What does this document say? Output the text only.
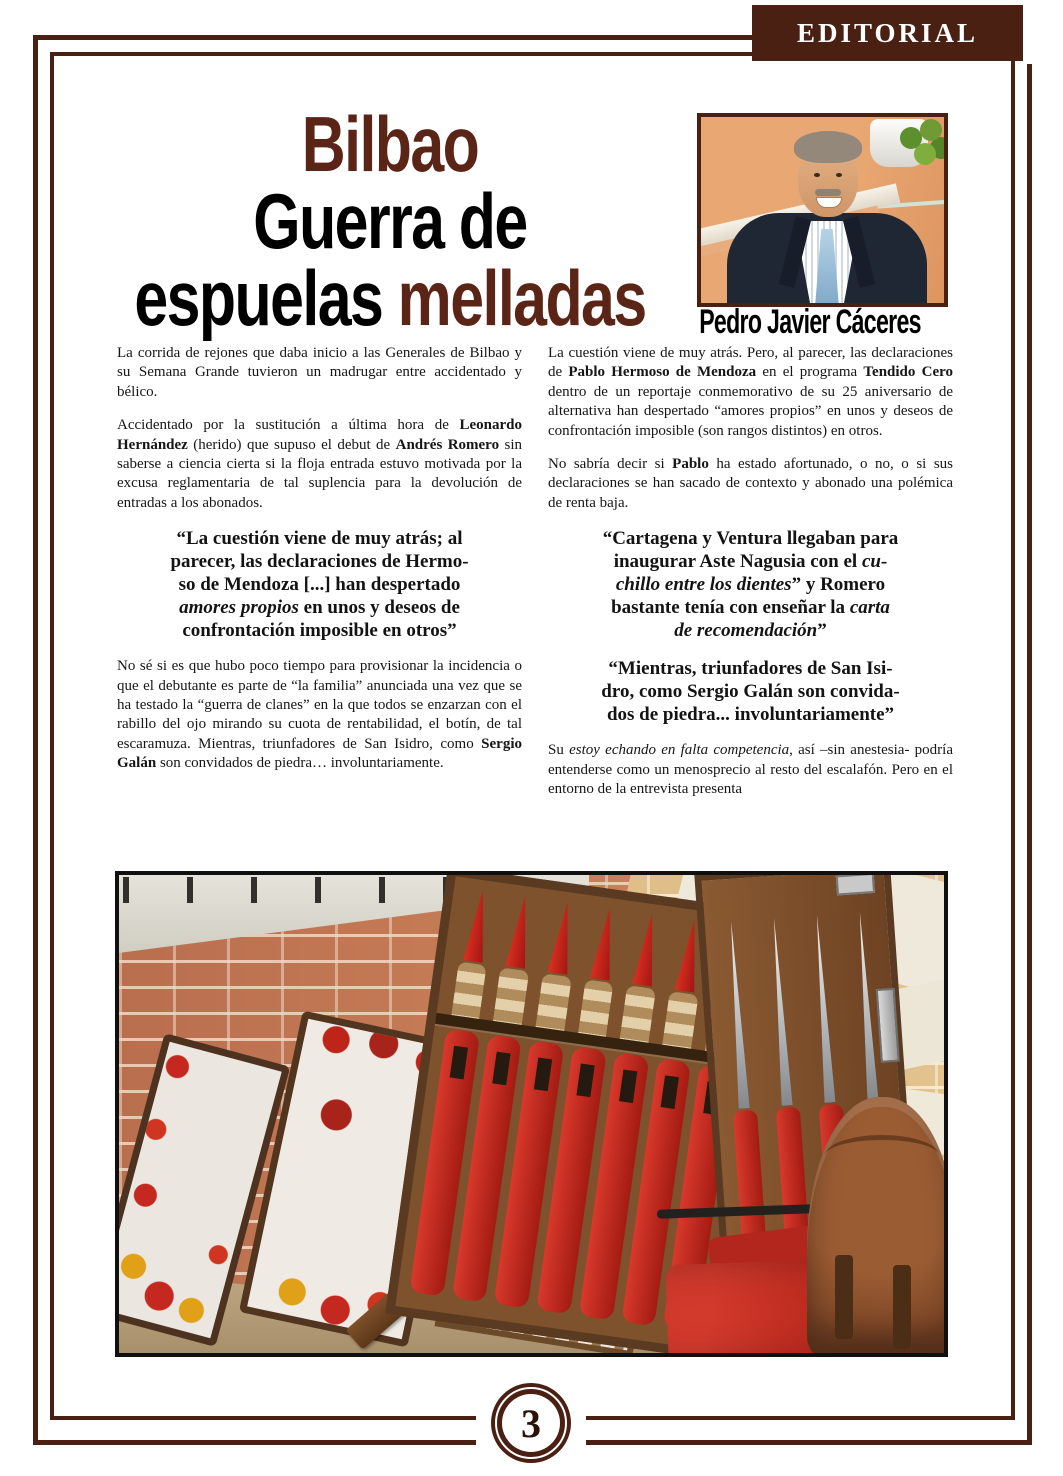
EDITORIAL
Bilbao
Guerra de
espuelas melladas	Pedro Javier Cáceres

La corrida de rejones que daba inicio a las Generales de Bilbao y su Semana Grande tuvieron un madrugar entre accidentado y bélico.

Accidentado por la sustitución a última hora de Leonardo Hernández (herido) que supuso el debut de Andrés Romero sin saberse a ciencia cierta si la floja entrada estuvo motivada por la excusa reglamentaria de tal suplencia para la devolución de entradas a los abonados.

“La cuestión viene de muy atrás; al
parecer, las declaraciones de Hermo-
so de Mendoza [...] han despertado
amores propios en unos y deseos de
confrontación imposible en otros”

No sé si es que hubo poco tiempo para provisionar la incidencia o que el debutante es parte de “la familia” anunciada una vez que se ha testado la “guerra de clanes” en la que todos se enzarzan con el rabillo del ojo mirando su cuota de rentabilidad, el botín, de tal escaramuza. Mientras, triunfadores de San Isidro, como Sergio Galán son convidados de piedra… involuntariamente.

La cuestión viene de muy atrás. Pero, al parecer, las declaraciones de Pablo Hermoso de Mendoza en el programa Tendido Cero dentro de un reportaje conmemorativo de su 25 aniversario de alternativa han despertado “amores propios” en unos y deseos de confrontación imposible (son rangos distintos) en otros.

No sabría decir si Pablo ha estado afortunado, o no, o si sus declaraciones se han sacado de contexto y abonado una polémica de renta baja.

“Cartagena y Ventura llegaban para
inaugurar Aste Nagusia con el cu-
chillo entre los dientes” y Romero
bastante tenía con enseñar la carta
de recomendación”
“Mientras, triunfadores de San Isi-
dro, como Sergio Galán son convida-
dos de piedra... involuntariamente”

Su estoy echando en falta competencia, así –sin anestesia- podría entenderse como un menosprecio al resto del escalafón. Pero en el entorno de la entrevista presenta

3
